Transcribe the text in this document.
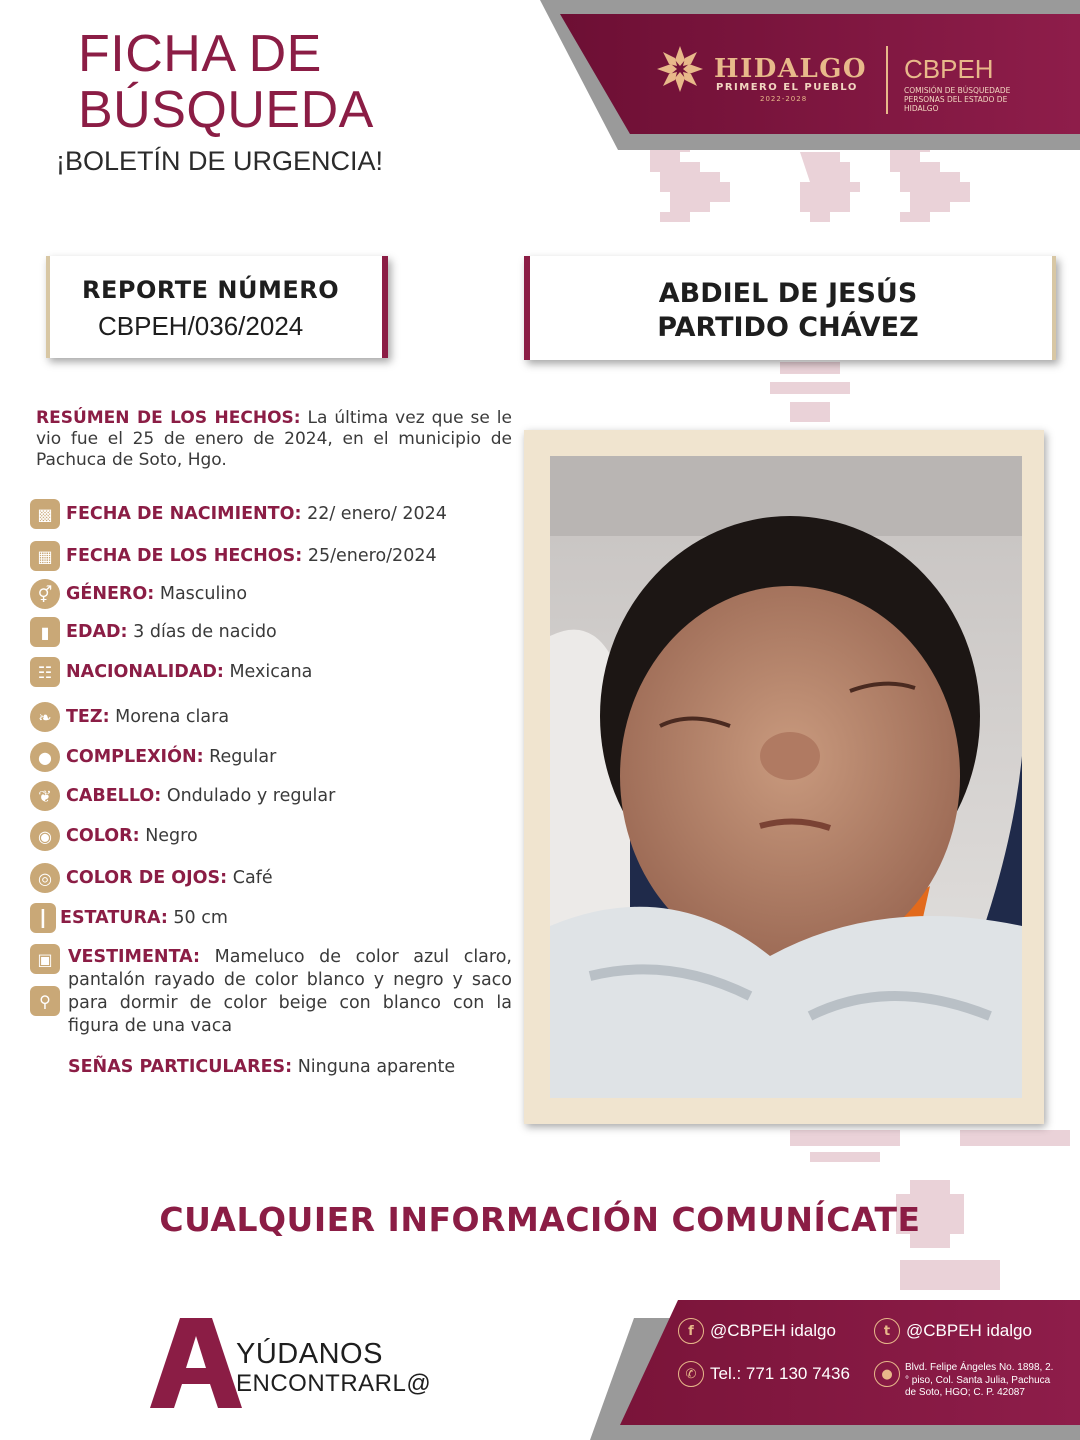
FICHA DE
BÚSQUEDA
¡BOLETÍN DE URGENCIA!
HIDALGO
PRIMERO EL PUEBLO
2022-2028
CBPEH
COMISIÓN DE BÚSQUEDADE PERSONAS DEL ESTADO DE HIDALGO
REPORTE NÚMERO
CBPEH/036/2024
ABDIEL DE JESÚS
PARTIDO CHÁVEZ
RESÚMEN DE LOS HECHOS: La última vez que se le vio fue el 25 de enero de 2024, en el municipio de Pachuca de Soto, Hgo.
▩ FECHA DE NACIMIENTO:
22/ enero/ 2024
▦ FECHA DE LOS HECHOS:
25/enero/2024
⚥ GÉNERO:
Masculino
▮ EDAD:
3 días de nacido
☷ NACIONALIDAD:
Mexicana
❧ TEZ:
Morena clara
● COMPLEXIÓN:
Regular
❦ CABELLO:
Ondulado y regular
◉ COLOR:
Negro
◎ COLOR DE OJOS:
Café
┃ ESTATURA:
50 cm
▣
⚲
VESTIMENTA: Mameluco de color azul claro, pantalón rayado de color blanco y negro y saco para dormir de color beige con blanco con la figura de una vaca
SEÑAS PARTICULARES: Ninguna aparente
CUALQUIER INFORMACIÓN COMUNÍCATE
YÚDANOS
ENCONTRARL@
f @CBPEH idalgo	t @CBPEH idalgo
✆ Tel.: 771 130 7436	●	Blvd. Felipe Ángeles No. 1898, 2.° piso, Col. Santa Julia, Pachuca de Soto, HGO; C. P. 42087
